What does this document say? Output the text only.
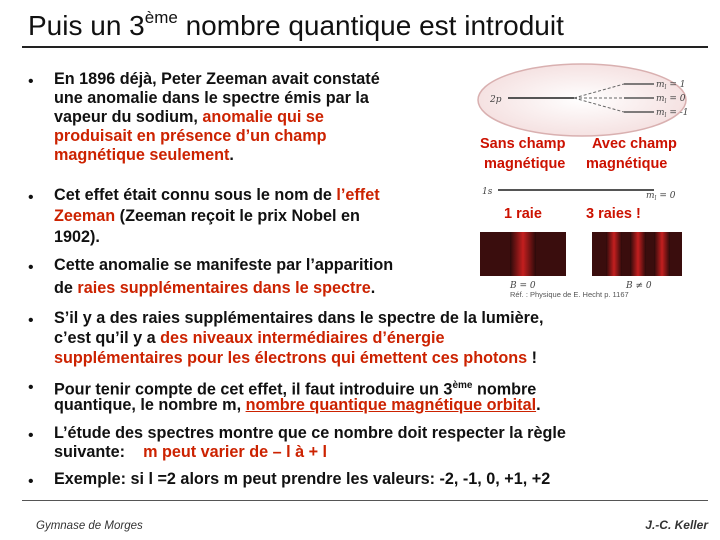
Puis un 3ème nombre quantique est introduit
• En 1896 déjà, Peter Zeeman avait constaté
une anomalie dans le spectre émis par la
vapeur du sodium, anomalie qui se
produisait en présence d’un champ
magnétique seulement.
• Cet effet était connu sous le nom de l’effet
Zeeman (Zeeman reçoit le prix Nobel en
1902).
• Cette anomalie se manifeste par l’apparition
de raies supplémentaires dans le spectre.
• S’il y a des raies supplémentaires dans le spectre de la lumière,
c’est qu’il y a des niveaux intermédiaires d’énergie
supplémentaires pour les électrons qui émettent ces photons !
• Pour tenir compte de cet effet, il faut introduire un 3ème nombre
quantique, le nombre m, nombre quantique magnétique orbital.
• L’étude des spectres montre que ce nombre doit respecter la règle
suivante:    m peut varier de – l à + l
• Exemple: si l =2 alors m peut prendre les valeurs: -2, -1, 0, +1, +2
2p
$m_l = 1$
$m_l = 0$
$m_l = -1$
Sans champ Avec champ
magnétique magnétique
1s	$m_l = 0$
1 raie	3 raies !
B = 0	B ≠ 0
Réf. : Physique de E. Hecht p. 1167
Gymnase de Morges	J.-C. Keller
